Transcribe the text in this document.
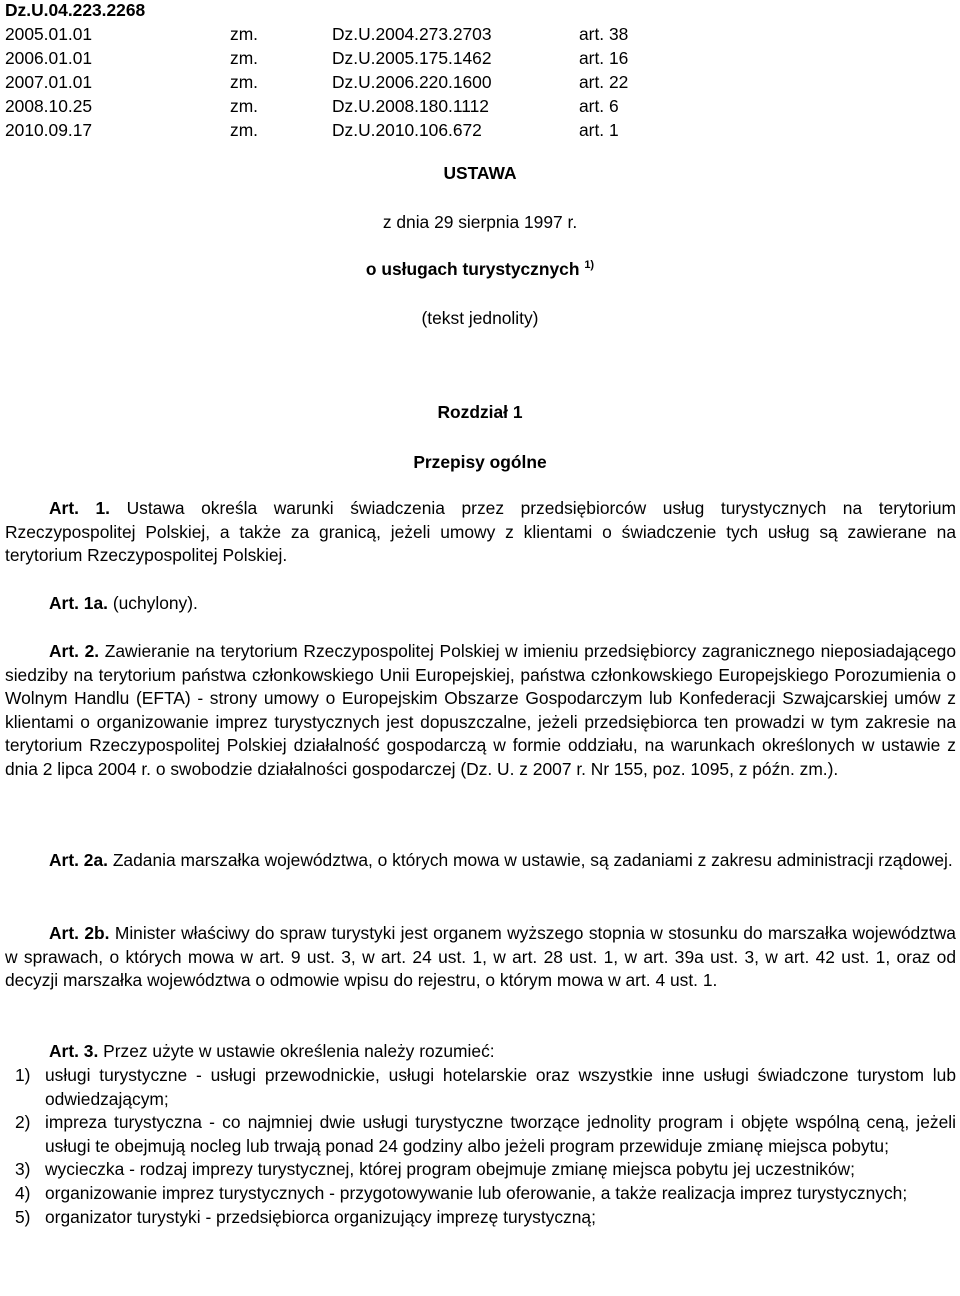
Dz.U.04.223.2268
2005.01.01	zm.	Dz.U.2004.273.2703	art. 38
2006.01.01	zm.	Dz.U.2005.175.1462	art. 16
2007.01.01	zm.	Dz.U.2006.220.1600	art. 22
2008.10.25	zm.	Dz.U.2008.180.1112	art. 6
2010.09.17	zm.	Dz.U.2010.106.672	art. 1
USTAWA
z dnia 29 sierpnia 1997 r.
o usługach turystycznych $^{1)}$
(tekst jednolity)
Rozdział 1
Przepisy ogólne
Art. 1. Ustawa określa warunki świadczenia przez przedsiębiorców usług turystycznych na terytorium Rzeczypospolitej Polskiej, a także za granicą, jeżeli umowy z klientami o świadczenie tych usług są zawierane na terytorium Rzeczypospolitej Polskiej.
Art. 1a. (uchylony).
Art. 2. Zawieranie na terytorium Rzeczypospolitej Polskiej w imieniu przedsiębiorcy zagranicznego nieposiadającego siedziby na terytorium państwa członkowskiego Unii Europejskiej, państwa członkowskiego Europejskiego Porozumienia o Wolnym Handlu (EFTA) - strony umowy o Europejskim Obszarze Gospodarczym lub Konfederacji Szwajcarskiej umów z klientami o organizowanie imprez turystycznych jest dopuszczalne, jeżeli przedsiębiorca ten prowadzi w tym zakresie na terytorium Rzeczypospolitej Polskiej działalność gospodarczą w formie oddziału, na warunkach określonych w ustawie z dnia 2 lipca 2004 r. o swobodzie działalności gospodarczej (Dz. U. z 2007 r. Nr 155, poz. 1095, z późn. zm.).
Art. 2a. Zadania marszałka województwa, o których mowa w ustawie, są zadaniami z zakresu administracji rządowej.
Art. 2b. Minister właściwy do spraw turystyki jest organem wyższego stopnia w stosunku do marszałka województwa w sprawach, o których mowa w art. 9 ust. 3, w art. 24 ust. 1, w art. 28 ust. 1, w art. 39a ust. 3, w art. 42 ust. 1, oraz od decyzji marszałka województwa o odmowie wpisu do rejestru, o którym mowa w art. 4 ust. 1.
Art. 3. Przez użyte w ustawie określenia należy rozumieć:
1) usługi turystyczne - usługi przewodnickie, usługi hotelarskie oraz wszystkie inne usługi świadczone turystom lub odwiedzającym;
2) impreza turystyczna - co najmniej dwie usługi turystyczne tworzące jednolity program i objęte wspólną ceną, jeżeli usługi te obejmują nocleg lub trwają ponad 24 godziny albo jeżeli program przewiduje zmianę miejsca pobytu;
3) wycieczka - rodzaj imprezy turystycznej, której program obejmuje zmianę miejsca pobytu jej uczestników;
4) organizowanie imprez turystycznych - przygotowywanie lub oferowanie, a także realizacja imprez turystycznych;
5) organizator turystyki - przedsiębiorca organizujący imprezę turystyczną;
